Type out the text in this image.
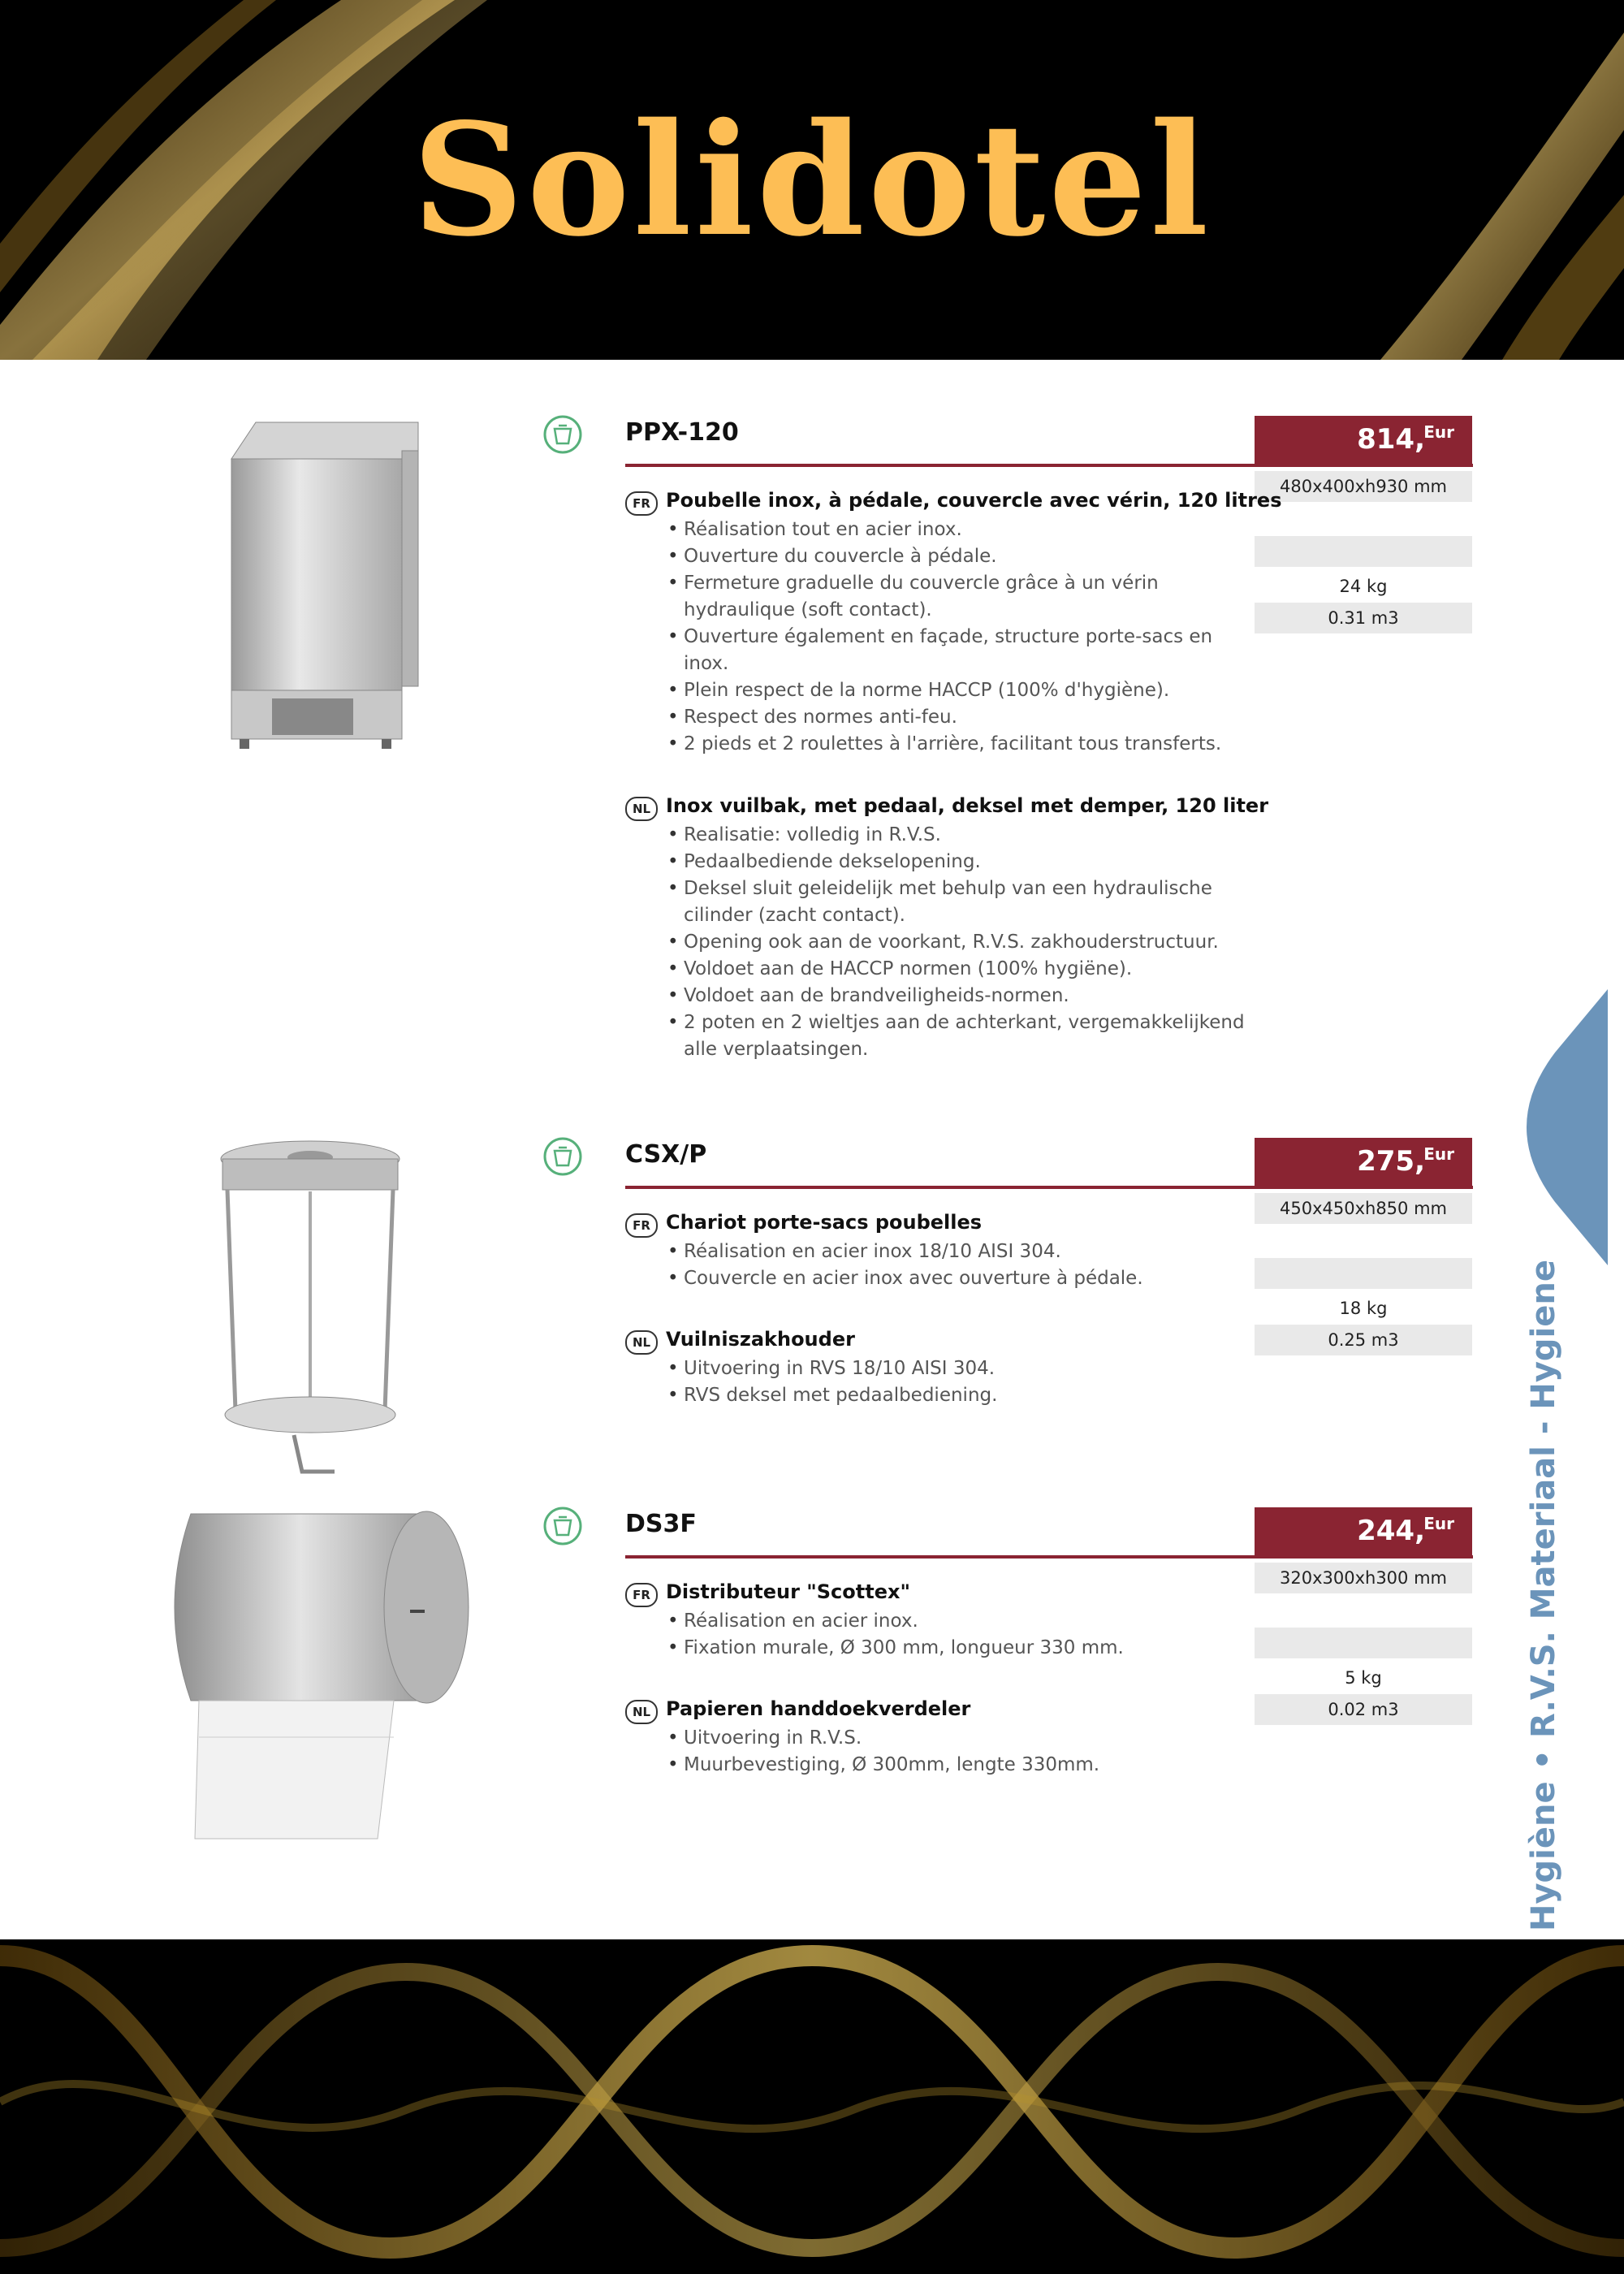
Solidotel
PPX-120	814,
Eur
480x400xh930 mm
24 kg
0.31 m3
FR Poubelle inox, à pédale, couvercle avec vérin, 120 litres
• Réalisation tout en acier inox.
• Ouverture du couvercle à pédale.
• Fermeture graduelle du couvercle grâce à un vérin hydraulique (soft contact).
• Ouverture également en façade, structure porte-sacs en inox.
• Plein respect de la norme HACCP (100% d'hygiène).
• Respect des normes anti-feu.
• 2 pieds et 2 roulettes à l'arrière, facilitant tous transferts.
NL Inox vuilbak, met pedaal, deksel met demper, 120 liter
• Realisatie: volledig in R.V.S.
• Pedaalbediende dekselopening.
• Deksel sluit geleidelijk met behulp van een hydraulische cilinder (zacht contact).
• Opening ook aan de voorkant, R.V.S. zakhouderstructuur.
• Voldoet aan de HACCP normen (100% hygiëne).
• Voldoet aan de brandveiligheids-normen.
• 2 poten en 2 wieltjes aan de achterkant, vergemakkelijkend alle verplaatsingen.
CSX/P	275,
Eur
450x450xh850 mm
18 kg
0.25 m3
FR Chariot porte-sacs poubelles
• Réalisation en acier inox 18/10 AISI 304.
• Couvercle en acier inox avec ouverture à pédale.
NL Vuilniszakhouder
• Uitvoering in RVS 18/10 AISI 304.
• RVS deksel met pedaalbediening.
DS3F	244,
Eur
320x300xh300 mm
5 kg
0.02 m3
FR Distributeur "Scottex"
• Réalisation en acier inox.
• Fixation murale, Ø 300 mm, longueur 330 mm.
NL Papieren handdoekverdeler
• Uitvoering in R.V.S.
• Muurbevestiging, Ø 300mm, lengte 330mm.	Hygiène • R.V.S. Materiaal - Hygiene
